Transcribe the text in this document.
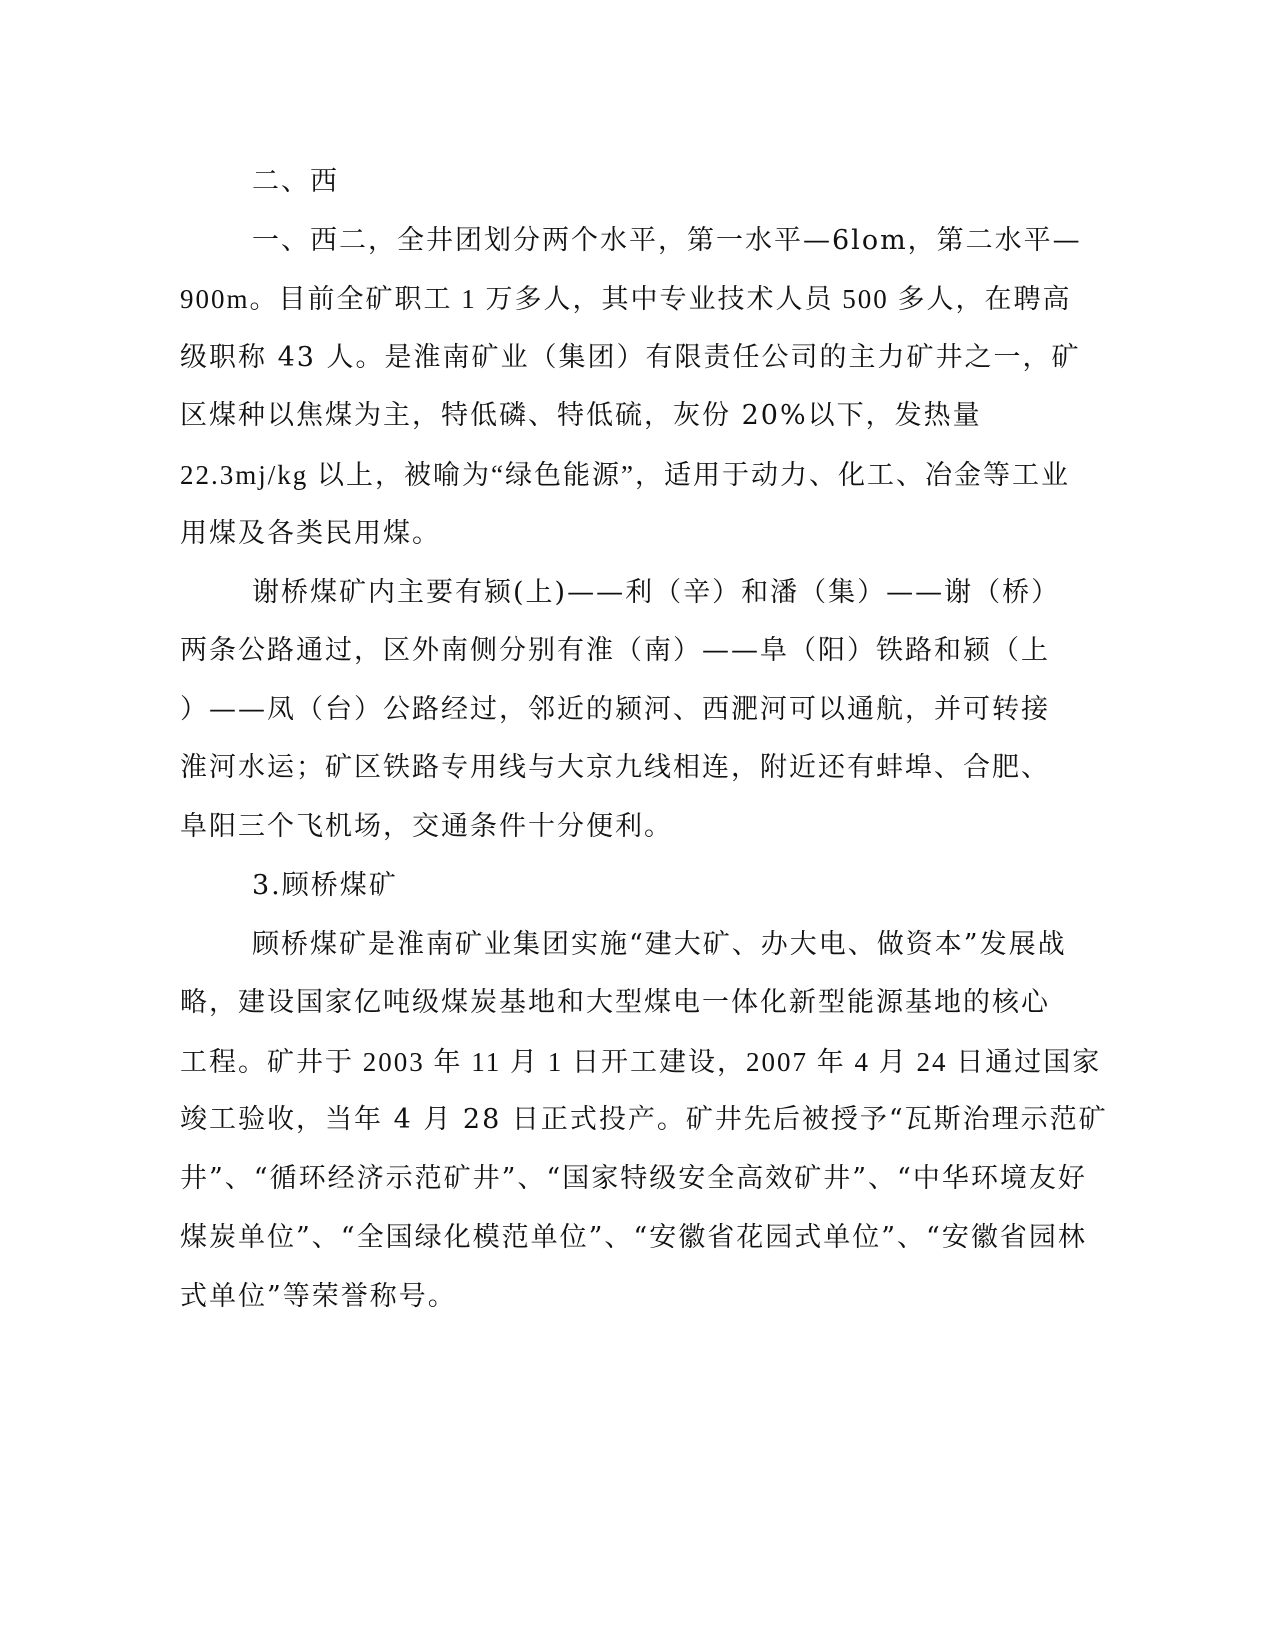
二、西

一、西二，全井团划分两个水平，第一水平—6lom，第二水平—

900m。目前全矿职工 1 万多人，其中专业技术人员 500 多人，在聘高

级职称 43 人。是淮南矿业（集团）有限责任公司的主力矿井之一，矿

区煤种以焦煤为主，特低磷、特低硫，灰份 20%以下，发热量

22.3mj/kg 以上，被喻为“绿色能源”，适用于动力、化工、冶金等工业

用煤及各类民用煤。

谢桥煤矿内主要有颍(上)——利（辛）和潘（集）——谢（桥）

两条公路通过，区外南侧分别有淮（南）——阜（阳）铁路和颍（上

）——凤（台）公路经过，邻近的颍河、西淝河可以通航，并可转接

淮河水运；矿区铁路专用线与大京九线相连，附近还有蚌埠、合肥、

阜阳三个飞机场，交通条件十分便利。

3.顾桥煤矿

顾桥煤矿是淮南矿业集团实施“建大矿、办大电、做资本”发展战

略，建设国家亿吨级煤炭基地和大型煤电一体化新型能源基地的核心

工程。矿井于 2003 年 11 月 1 日开工建设，2007 年 4 月 24 日通过国家

竣工验收，当年 4 月 28 日正式投产。矿井先后被授予“瓦斯治理示范矿

井”、“循环经济示范矿井”、“国家特级安全高效矿井”、“中华环境友好

煤炭单位”、“全国绿化模范单位”、“安徽省花园式单位”、“安徽省园林

式单位”等荣誉称号。
